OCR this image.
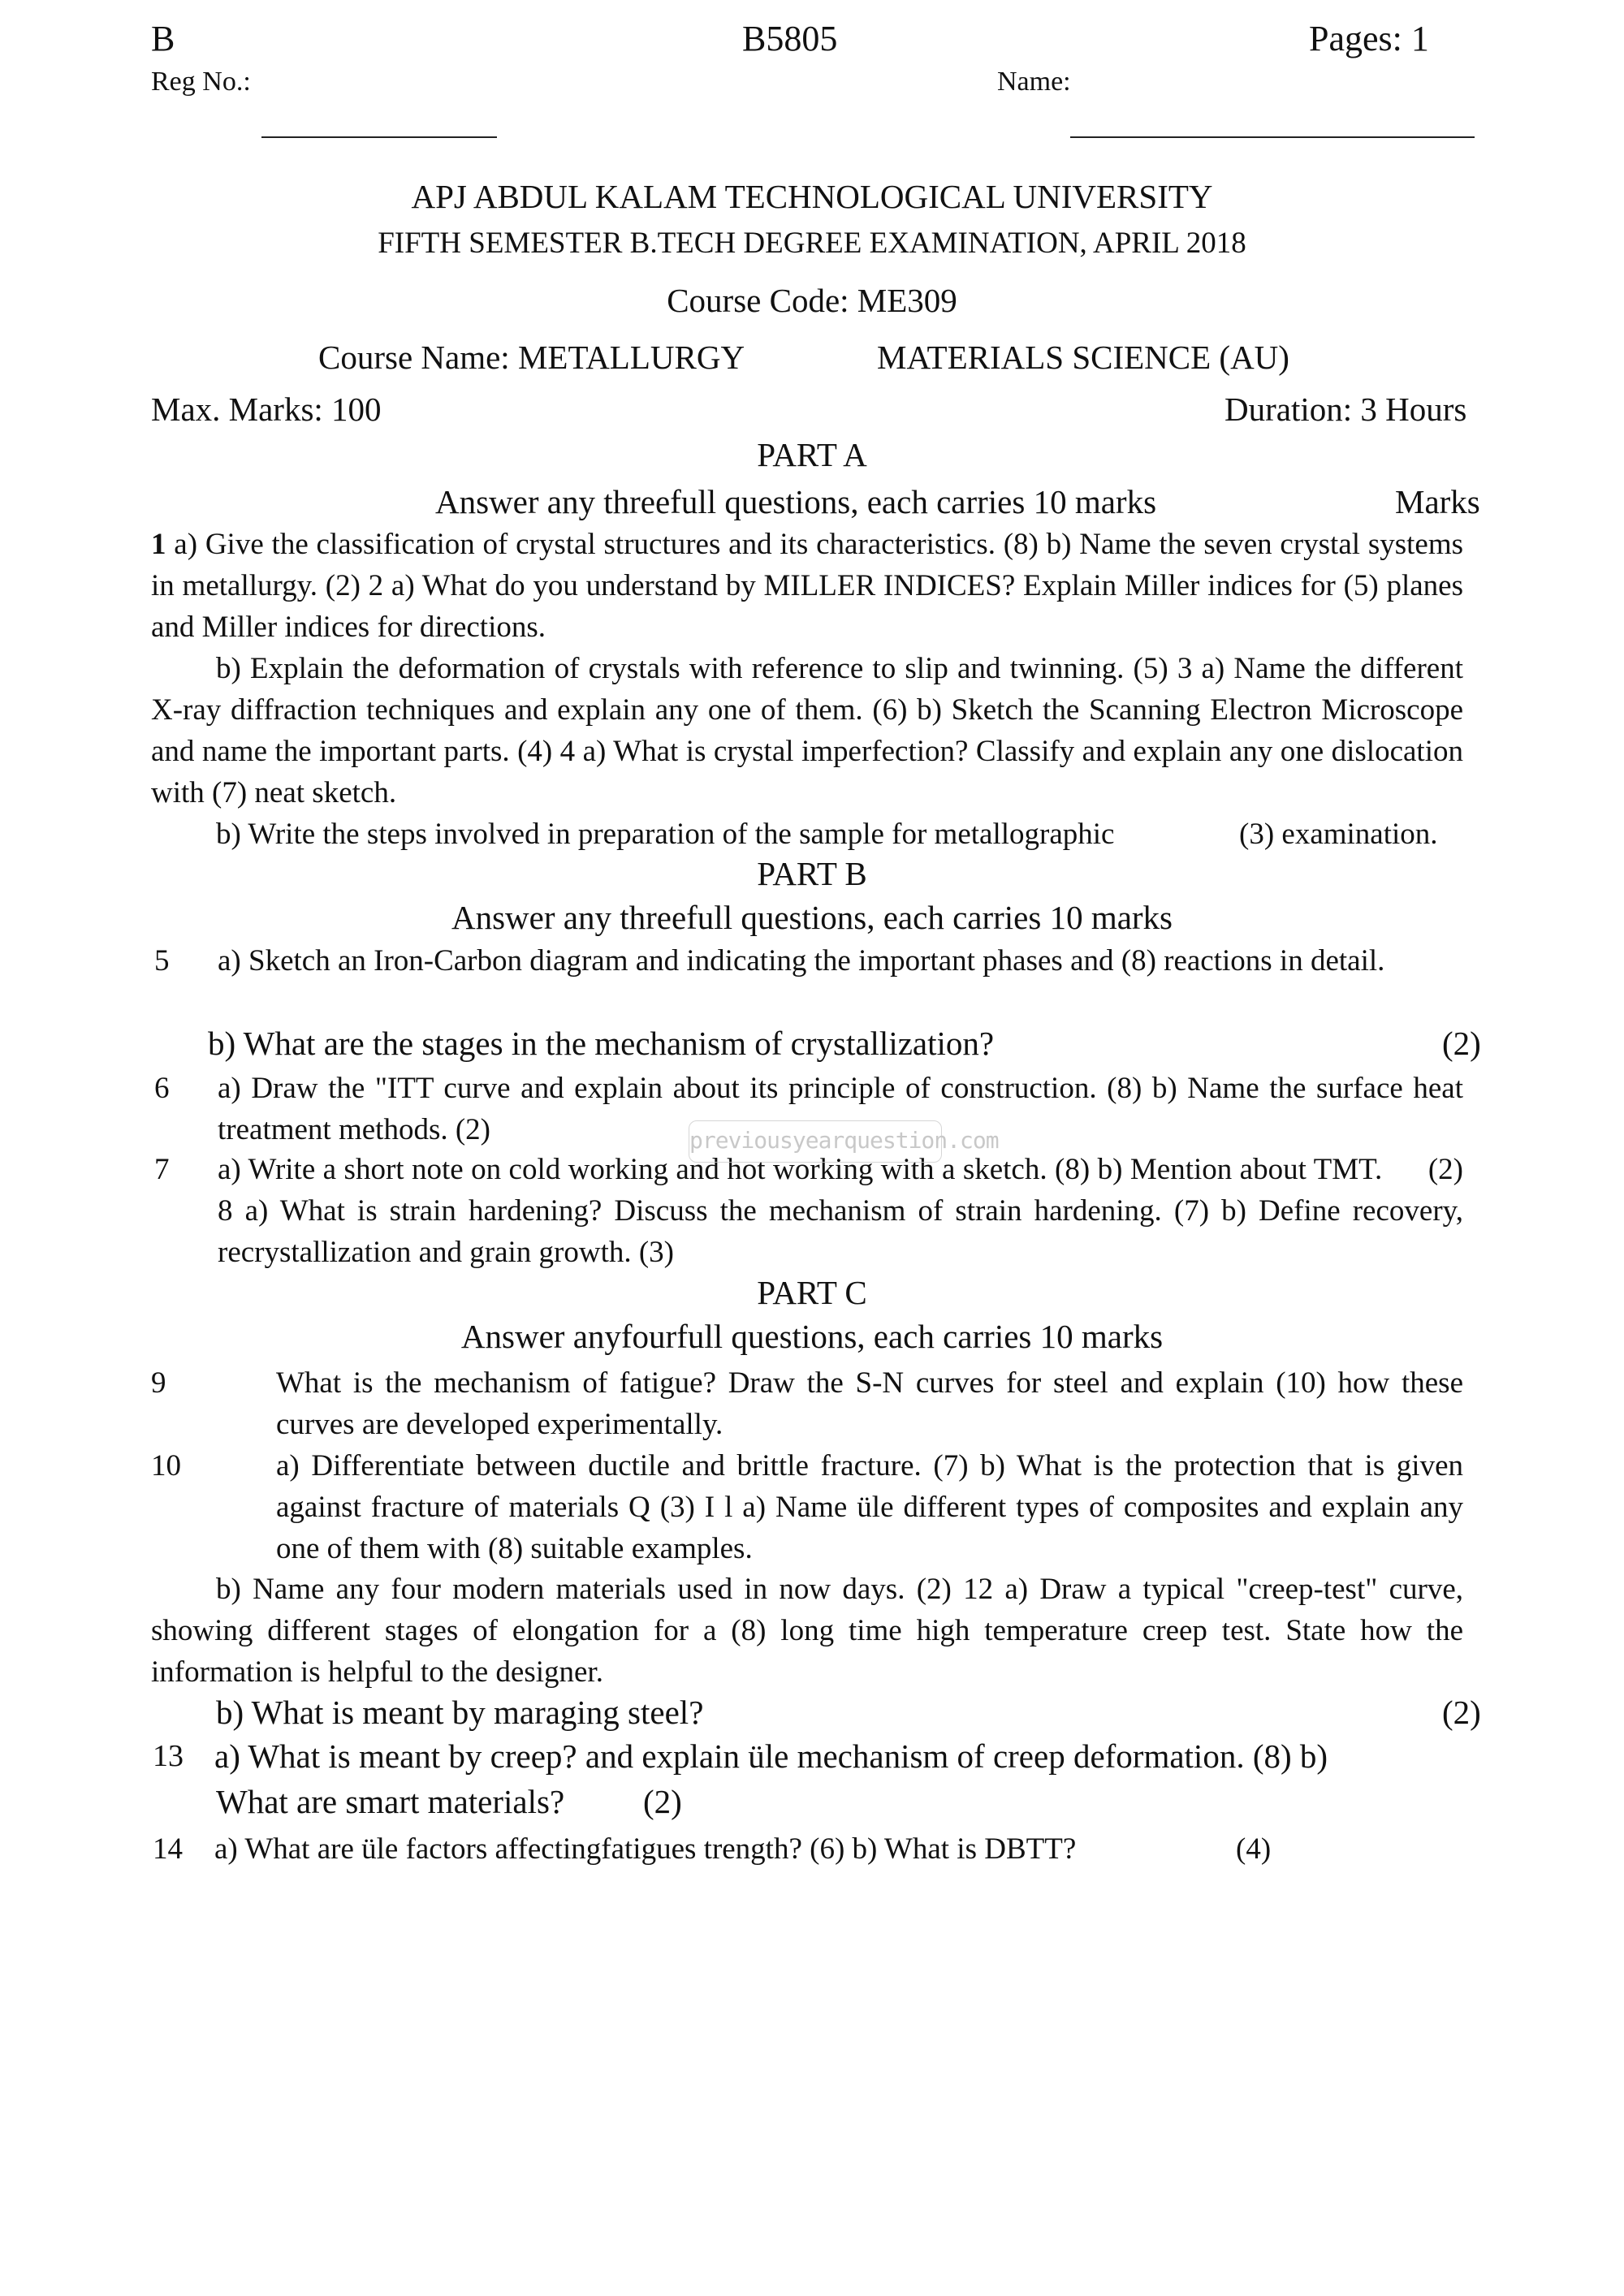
B	B5805	Pages: 1
Reg No.:	Name:
APJ ABDUL KALAM TECHNOLOGICAL UNIVERSITY
FIFTH SEMESTER B.TECH DEGREE EXAMINATION, APRIL 2018
Course Code: ME309
Course Name: METALLURGY	MATERIALS SCIENCE (AU)
Max. Marks: 100	Duration: 3 Hours
PART A
Answer any threefull questions, each carries 10 marks	Marks
1 a) Give the classification of crystal structures and its characteristics. (8) b) Name the seven crystal systems in metallurgy. (2) 2 a) What do you understand by MILLER INDICES? Explain Miller indices for (5) planes and Miller indices for directions.
b) Explain the deformation of crystals with reference to slip and twinning. (5) 3 a) Name the different X-ray diffraction techniques and explain any one of them. (6) b) Sketch the Scanning Electron Microscope and name the important parts. (4) 4 a) What is crystal imperfection? Classify and explain any one dislocation with (7) neat sketch.
b) Write the steps involved in preparation of the sample for metallographic	(3) examination.
PART B
Answer any threefull questions, each carries 10 marks
5 a) Sketch an Iron-Carbon diagram and indicating the important phases and (8) reactions in detail.
b) What are the stages in the mechanism of crystallization?	(2)
6 a) Draw the "ITT curve and explain about its principle of construction. (8) b) Name the surface heat treatment methods. (2)
7 a) Write a short note on cold working and hot working with a sketch. (8) b) Mention about TMT.      (2) 8 a) What is strain hardening? Discuss the mechanism of strain hardening. (7) b) Define recovery, recrystallization and grain growth. (3)
previousyearquestion.com
PART C
Answer anyfourfull questions, each carries 10 marks
9	What is the mechanism of fatigue? Draw the S-N curves for steel and explain (10) how these curves are developed experimentally.
10	a) Differentiate between ductile and brittle fracture. (7) b) What is the protection that is given against fracture of materials Q (3) I l a) Name üle different types of composites and explain any one of them with (8) suitable examples.
b) Name any four modern materials used in now days. (2) 12 a) Draw a typical "creep-test" curve, showing different stages of elongation for a (8) long time high temperature creep test. State how the information is helpful to the designer.
b) What is meant by maraging steel?	(2)
13 a) What is meant by creep? and explain üle mechanism of creep deformation. (8) b)
What are smart materials? (2)
14 a) What are üle factors affectingfatigues trength? (6) b) What is DBTT?	(4)
